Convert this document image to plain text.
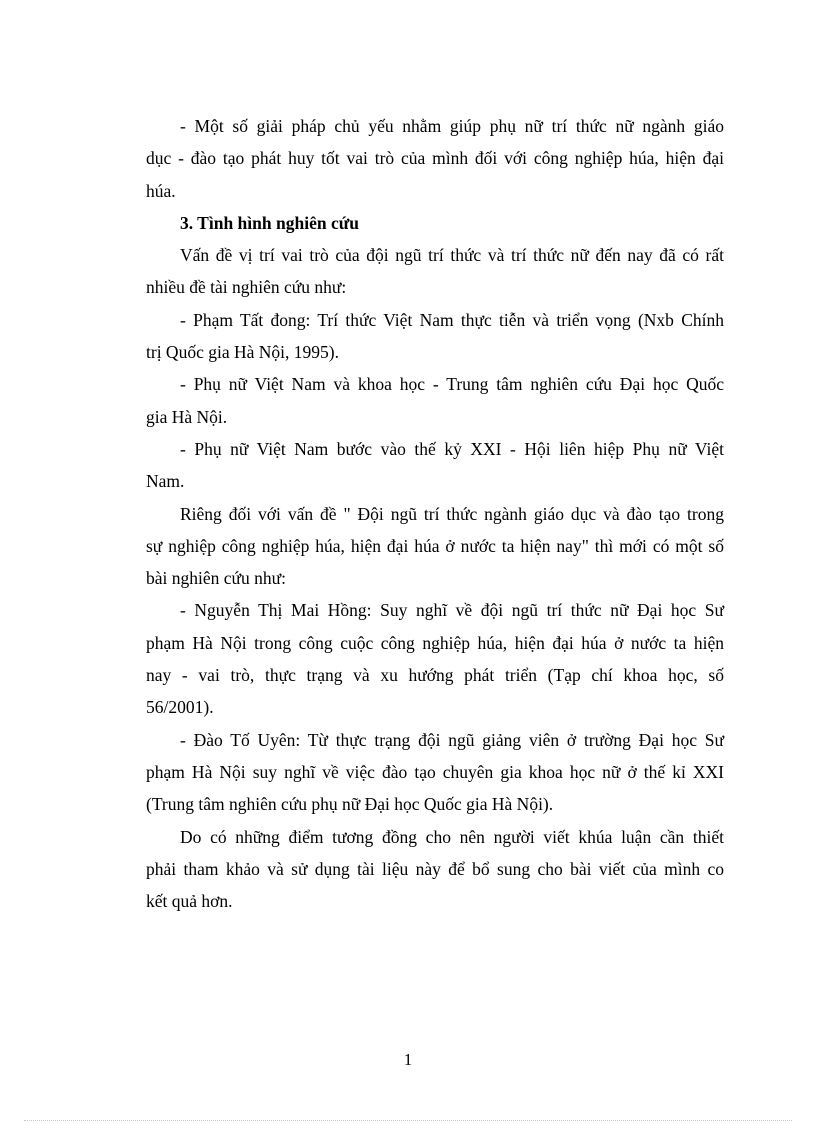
- Một số giải pháp chủ yếu nhằm giúp phụ nữ trí thức nữ ngành giáo
dục - đào tạo phát huy tốt vai trò của mình đối với công nghiệp húa, hiện đại
húa.
3. Tình hình nghiên cứu
Vấn đề vị trí vai trò của đội ngũ trí thức và trí thức nữ đến nay đã có rất
nhiều đề tài nghiên cứu như:
- Phạm Tất đong: Trí thức Việt Nam thực tiễn và triển vọng (Nxb Chính
trị Quốc gia Hà Nội, 1995).
- Phụ nữ Việt Nam và khoa học - Trung tâm nghiên cứu Đại học Quốc
gia Hà Nội.
- Phụ nữ Việt Nam bước vào thế kỷ XXI - Hội liên hiệp Phụ nữ Việt
Nam.
Riêng đối với vấn đề " Đội ngũ trí thức ngành giáo dục và đào tạo trong
sự nghiệp công nghiệp húa, hiện đại húa ở nước ta hiện nay" thì mới có một số
bài nghiên cứu như:
- Nguyễn Thị Mai Hồng: Suy nghĩ về đội ngũ trí thức nữ Đại học Sư
phạm Hà Nội trong công cuộc công nghiệp húa, hiện đại húa ở nước ta hiện
nay - vai trò, thực trạng và xu hướng phát triển (Tạp chí khoa học, số
56/2001).
- Đào Tố Uyên: Từ thực trạng đội ngũ giảng viên ở trường Đại học Sư
phạm Hà Nội suy nghĩ về việc đào tạo chuyên gia khoa học nữ ở thế kỉ XXI
(Trung tâm nghiên cứu phụ nữ Đại học Quốc gia Hà Nội).
Do có những điểm tương đồng cho nên người viết khúa luận cần thiết
phải tham khảo và sử dụng tài liệu này để bổ sung cho bài viết của mình co
kết quả hơn.
1
